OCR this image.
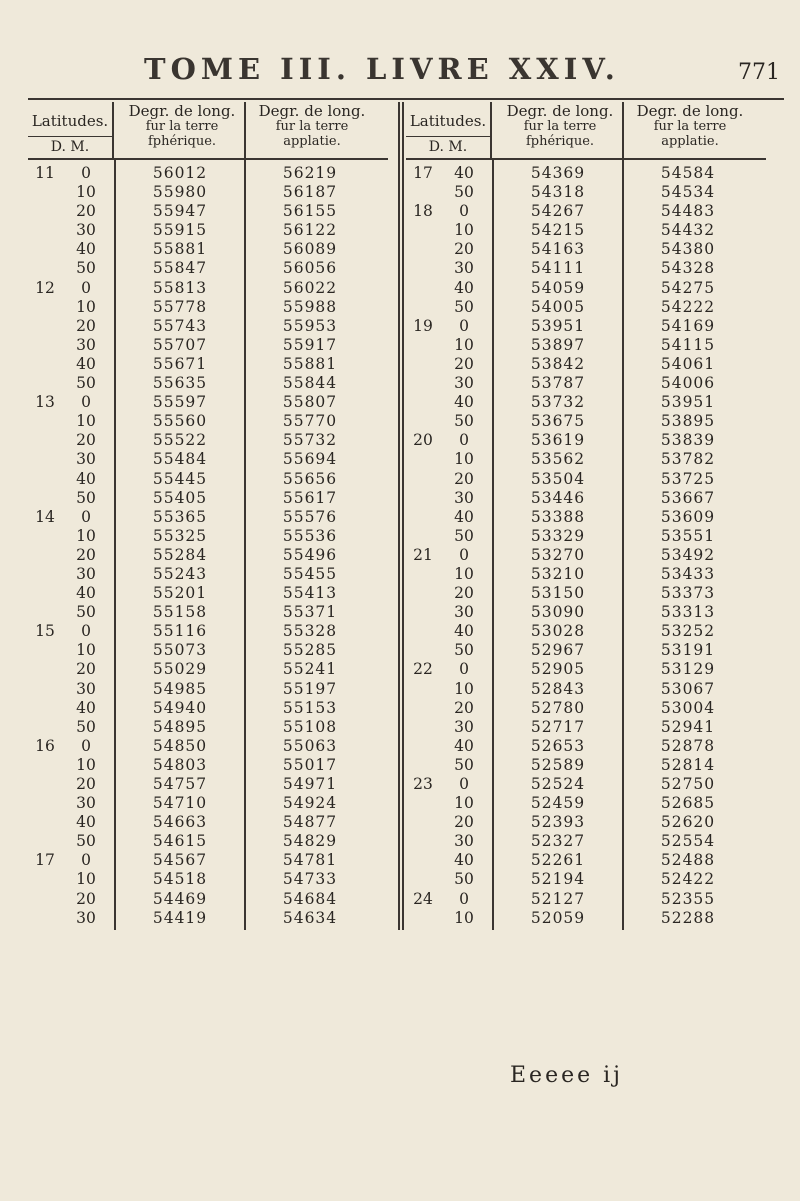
TOME III. LIVRE XXIV.	771
Latitudes.
D. M.
Degr. de long.
fur la terre
fphérique.
Degr. de long.
fur la terre
applatie.
11	0	56012	56219
10	55980	56187
20	55947	56155
30	55915	56122
40	55881	56089
50	55847	56056
12	0	55813	56022
10	55778	55988
20	55743	55953
30	55707	55917
40	55671	55881
50	55635	55844
13	0	55597	55807
10	55560	55770
20	55522	55732
30	55484	55694
40	55445	55656
50	55405	55617
14	0	55365	55576
10	55325	55536
20	55284	55496
30	55243	55455
40	55201	55413
50	55158	55371
15	0	55116	55328
10	55073	55285
20	55029	55241
30	54985	55197
40	54940	55153
50	54895	55108
16	0	54850	55063
10	54803	55017
20	54757	54971
30	54710	54924
40	54663	54877
50	54615	54829
17	0	54567	54781
10	54518	54733
20	54469	54684
30	54419	54634
Latitudes.
D. M.
Degr. de long.
fur la terre
fphérique.
Degr. de long.
fur la terre
applatie.
17	40	54369	54584
50	54318	54534
18	0	54267	54483
10	54215	54432
20	54163	54380
30	54111	54328
40	54059	54275
50	54005	54222
19	0	53951	54169
10	53897	54115
20	53842	54061
30	53787	54006
40	53732	53951
50	53675	53895
20	0	53619	53839
10	53562	53782
20	53504	53725
30	53446	53667
40	53388	53609
50	53329	53551
21	0	53270	53492
10	53210	53433
20	53150	53373
30	53090	53313
40	53028	53252
50	52967	53191
22	0	52905	53129
10	52843	53067
20	52780	53004
30	52717	52941
40	52653	52878
50	52589	52814
23	0	52524	52750
10	52459	52685
20	52393	52620
30	52327	52554
40	52261	52488
50	52194	52422
24	0	52127	52355
10	52059	52288
Eeeee ij
